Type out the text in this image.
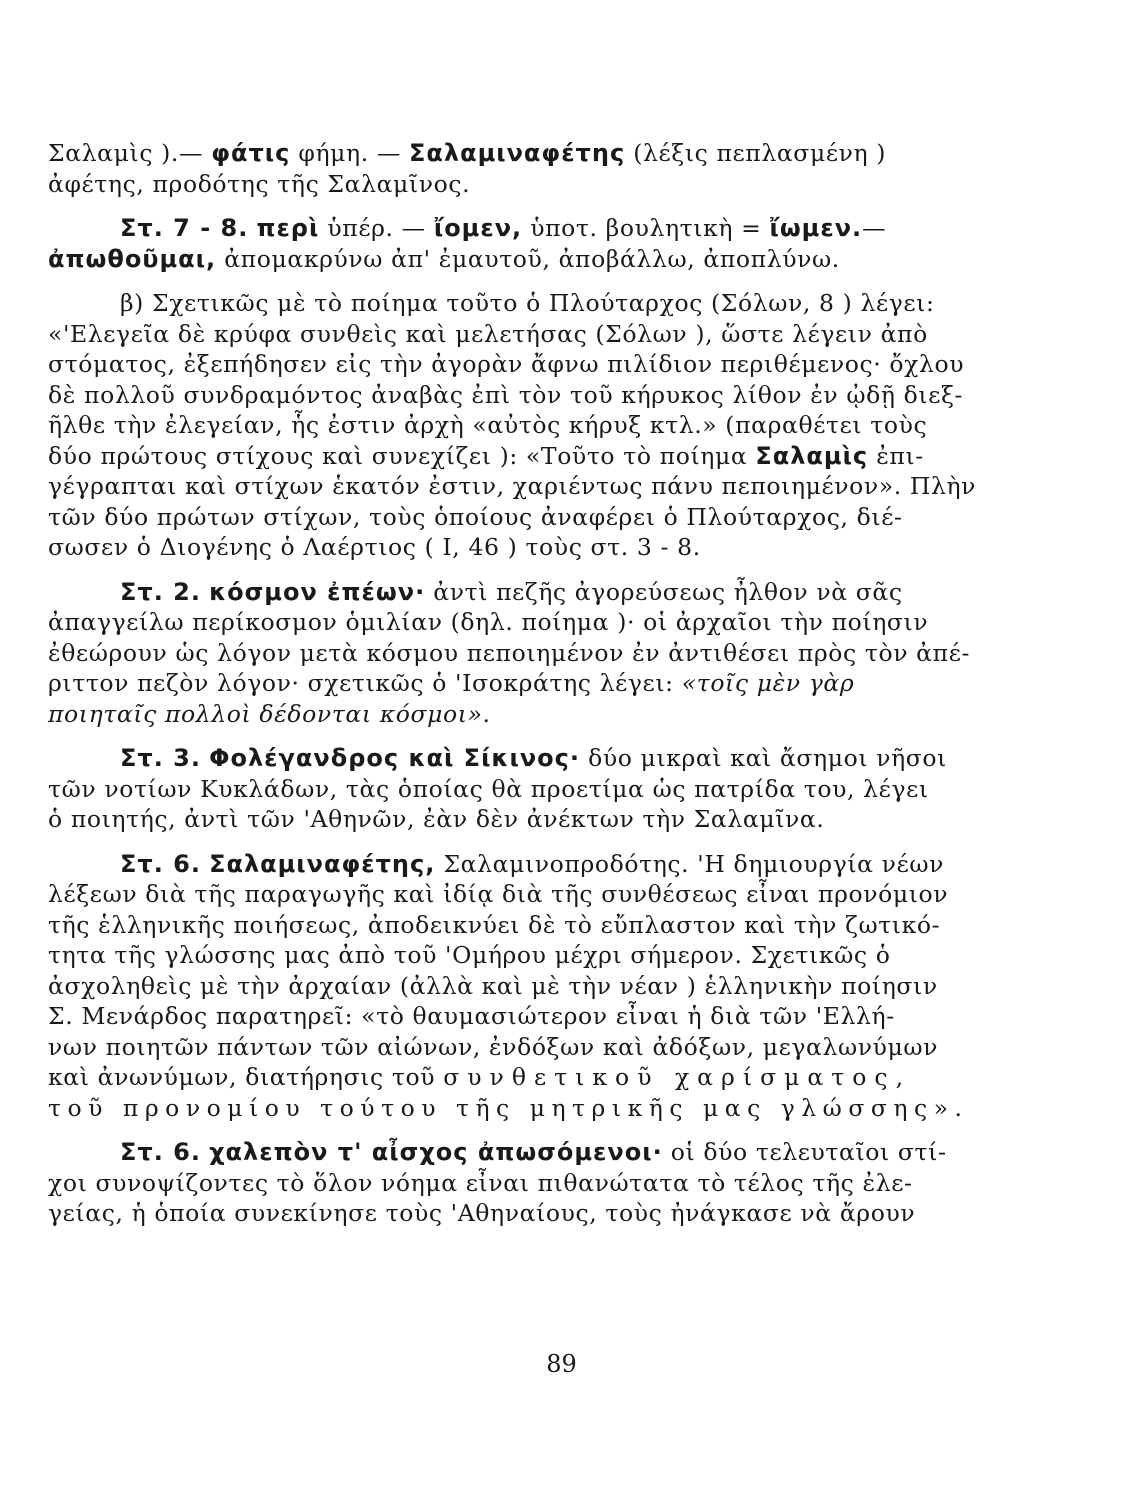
Σαλαμὶς ).— φάτις φήμη. — Σαλαμιναφέτης (λέξις πεπλασμένη )
ἀφέτης, προδότης τῆς Σαλαμῖνος.
Στ. 7 - 8. περὶ ὑπέρ. — ἴομεν, ὑποτ. βουλητικὴ = ἴωμεν.—
ἀπωθοῦμαι, ἀπομακρύνω ἀπ' ἐμαυτοῦ, ἀποβάλλω, ἀποπλύνω.
β) Σχετικῶς μὲ τὸ ποίημα τοῦτο ὁ Πλούταρχος (Σόλων, 8 ) λέγει:
«'Ελεγεῖα δὲ κρύφα συνθεὶς καὶ μελετήσας (Σόλων ), ὥστε λέγειν ἀπὸ
στόματος, ἐξεπήδησεν εἰς τὴν ἀγορὰν ἄφνω πιλίδιον περιθέμενος· ὄχλου
δὲ πολλοῦ συνδραμόντος ἀναβὰς ἐπὶ τὸν τοῦ κήρυκος λίθον ἐν ᾠδῇ διεξ-
ῆλθε τὴν ἐλεγείαν, ἧς ἐστιν ἀρχὴ «αὐτὸς κήρυξ κτλ.» (παραθέτει τοὺς
δύο πρώτους στίχους καὶ συνεχίζει ): «Τοῦτο τὸ ποίημα Σαλαμὶς ἐπι-
γέγραπται καὶ στίχων ἑκατόν ἐστιν, χαριέντως πάνυ πεποιημένον». Πλὴν
τῶν δύο πρώτων στίχων, τοὺς ὁποίους ἀναφέρει ὁ Πλούταρχος, διέ-
σωσεν ὁ Διογένης ὁ Λαέρτιος ( Ι, 46 ) τοὺς στ. 3 - 8.
Στ. 2. κόσμον ἐπέων· ἀντὶ πεζῆς ἀγορεύσεως ἦλθον νὰ σᾶς
ἀπαγγείλω περίκοσμον ὁμιλίαν (δηλ. ποίημα )· οἱ ἀρχαῖοι τὴν ποίησιν
ἐθεώρουν ὡς λόγον μετὰ κόσμου πεποιημένον ἐν ἀντιθέσει πρὸς τὸν ἀπέ-
ριττον πεζὸν λόγον· σχετικῶς ὁ 'Ισοκράτης λέγει: «τοῖς μὲν γὰρ
ποιηταῖς πολλοὶ δέδονται κόσμοι».
Στ. 3. Φολέγανδρος καὶ Σίκινος· δύο μικραὶ καὶ ἄσημοι νῆσοι
τῶν νοτίων Κυκλάδων, τὰς ὁποίας θὰ προετίμα ὡς πατρίδα του, λέγει
ὁ ποιητής, ἀντὶ τῶν 'Αθηνῶν, ἐὰν δὲν ἀνέκτων τὴν Σαλαμῖνα.
Στ. 6. Σαλαμιναφέτης, Σαλαμινοπροδότης. 'Η δημιουργία νέων
λέξεων διὰ τῆς παραγωγῆς καὶ ἰδίᾳ διὰ τῆς συνθέσεως εἶναι προνόμιον
τῆς ἑλληνικῆς ποιήσεως, ἀποδεικνύει δὲ τὸ εὔπλαστον καὶ τὴν ζωτικό-
τητα τῆς γλώσσης μας ἀπὸ τοῦ 'Ομήρου μέχρι σήμερον. Σχετικῶς ὁ
ἀσχοληθεὶς μὲ τὴν ἀρχαίαν (ἀλλὰ καὶ μὲ τὴν νέαν ) ἑλληνικὴν ποίησιν
Σ. Μενάρδος παρατηρεῖ: «τὸ θαυμασιώτερον εἶναι ἡ διὰ τῶν 'Ελλή-
νων ποιητῶν πάντων τῶν αἰώνων, ἐνδόξων καὶ ἀδόξων, μεγαλωνύμων
καὶ ἀνωνύμων, διατήρησις τοῦ συνθετικοῦ χαρίσματος,
τοῦ προνομίου τούτου τῆς μητρικῆς μας γλώσσης».
Στ. 6. χαλεπὸν τ' αἶσχος ἀπωσόμενοι· οἱ δύο τελευταῖοι στί-
χοι συνοψίζοντες τὸ ὅλον νόημα εἶναι πιθανώτατα τὸ τέλος τῆς ἐλε-
γείας, ἡ ὁποία συνεκίνησε τοὺς 'Αθηναίους, τοὺς ἠνάγκασε νὰ ἄρουν
89
